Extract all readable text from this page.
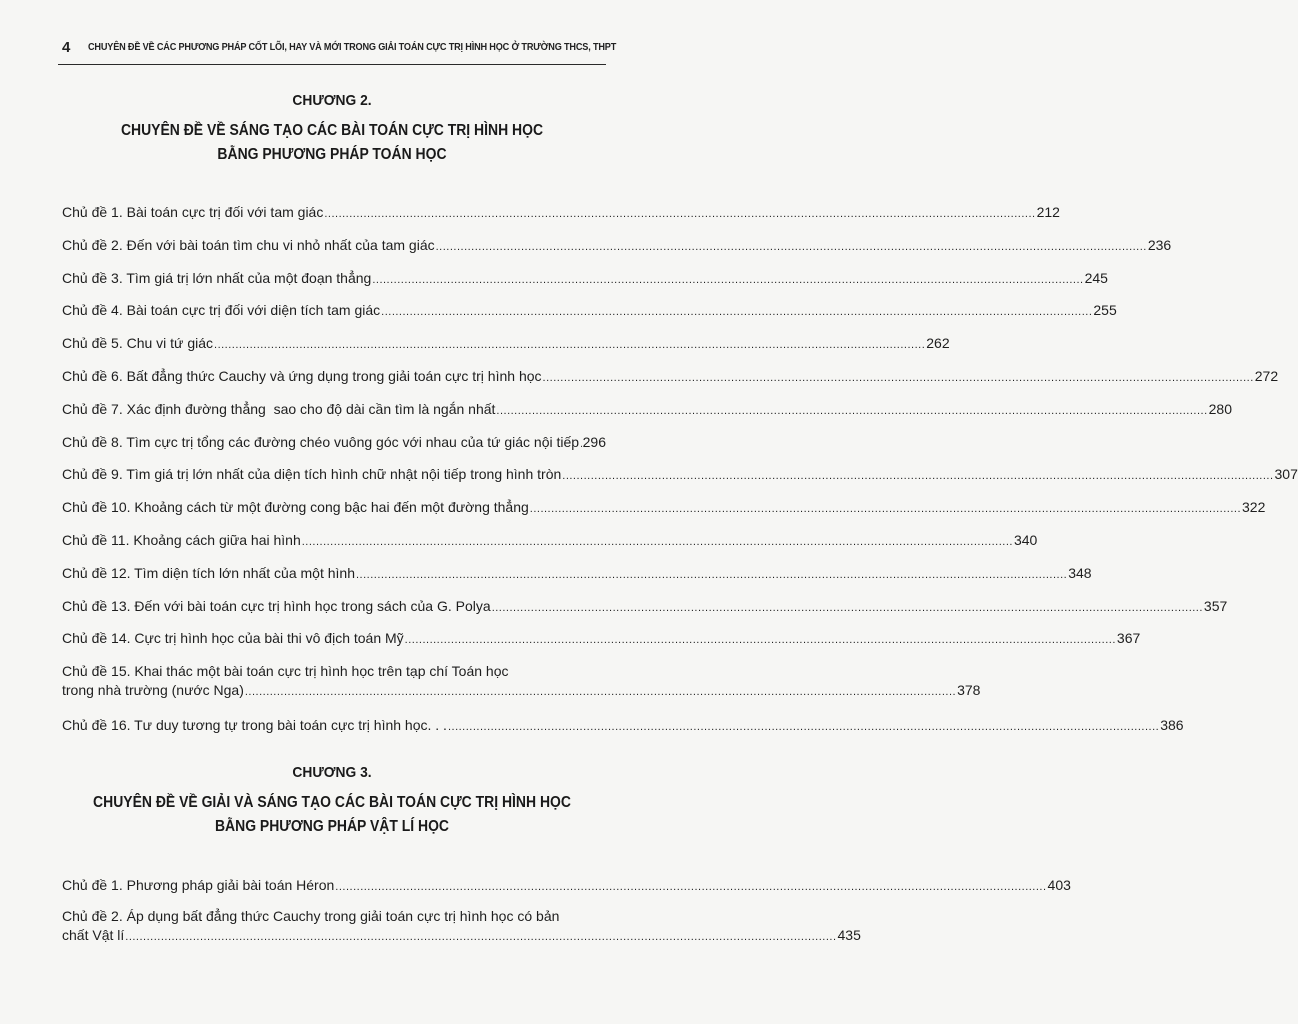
4 CHUYÊN ĐỀ VỀ CÁC PHƯƠNG PHÁP CỐT LÕI, HAY VÀ MỚI TRONG GIẢI TOÁN CỰC TRỊ HÌNH HỌC Ở TRƯỜNG THCS, THPT
CHƯƠNG 2.
CHUYÊN ĐỀ VỀ SÁNG TẠO CÁC BÀI TOÁN CỰC TRỊ HÌNH HỌC
BẰNG PHƯƠNG PHÁP TOÁN HỌC
Chủ đề 1. Bài toán cực trị đối với tam giác ........................................................................................................................................................................................................ 212
Chủ đề 2. Đến với bài toán tìm chu vi nhỏ nhất của tam giác ........................................................................................................................................................................................................ 236
Chủ đề 3. Tìm giá trị lớn nhất của một đoạn thẳng ........................................................................................................................................................................................................ 245
Chủ đề 4. Bài toán cực trị đối với diện tích tam giác ........................................................................................................................................................................................................ 255
Chủ đề 5. Chu vi tứ giác ........................................................................................................................................................................................................ 262
Chủ đề 6. Bất đẳng thức Cauchy và ứng dụng trong giải toán cực trị hình học ........................................................................................................................................................................................................ 272
Chủ đề 7. Xác định đường thẳng  sao cho độ dài cần tìm là ngắn nhất ........................................................................................................................................................................................................ 280
Chủ đề 8. Tìm cực trị tổng các đường chéo vuông góc với nhau của tứ giác nội tiếp 296
Chủ đề 9. Tìm giá trị lớn nhất của diện tích hình chữ nhật nội tiếp trong hình tròn ........................................................................................................................................................................................................ 307
Chủ đề 10. Khoảng cách từ một đường cong bậc hai đến một đường thẳng ........................................................................................................................................................................................................ 322
Chủ đề 11. Khoảng cách giữa hai hình ........................................................................................................................................................................................................ 340
Chủ đề 12. Tìm diện tích lớn nhất của một hình ........................................................................................................................................................................................................ 348
Chủ đề 13. Đến với bài toán cực trị hình học trong sách của G. Polya ........................................................................................................................................................................................................ 357
Chủ đề 14. Cực trị hình học của bài thi vô địch toán Mỹ ........................................................................................................................................................................................................ 367
Chủ đề 15. Khai thác một bài toán cực trị hình học trên tạp chí Toán học
trong nhà trường (nước Nga) ........................................................................................................................................................................................................ 378
Chủ đề 16. Tư duy tương tự trong bài toán cực trị hình học. . . ........................................................................................................................................................................................................ 386
CHƯƠNG 3.
CHUYÊN ĐỀ VỀ GIẢI VÀ SÁNG TẠO CÁC BÀI TOÁN CỰC TRỊ HÌNH HỌC
BẰNG PHƯƠNG PHÁP VẬT LÍ HỌC
Chủ đề 1. Phương pháp giải bài toán Héron ........................................................................................................................................................................................................ 403
Chủ đề 2. Áp dụng bất đẳng thức Cauchy trong giải toán cực trị hình học có bản
chất Vật lí ........................................................................................................................................................................................................ 435
